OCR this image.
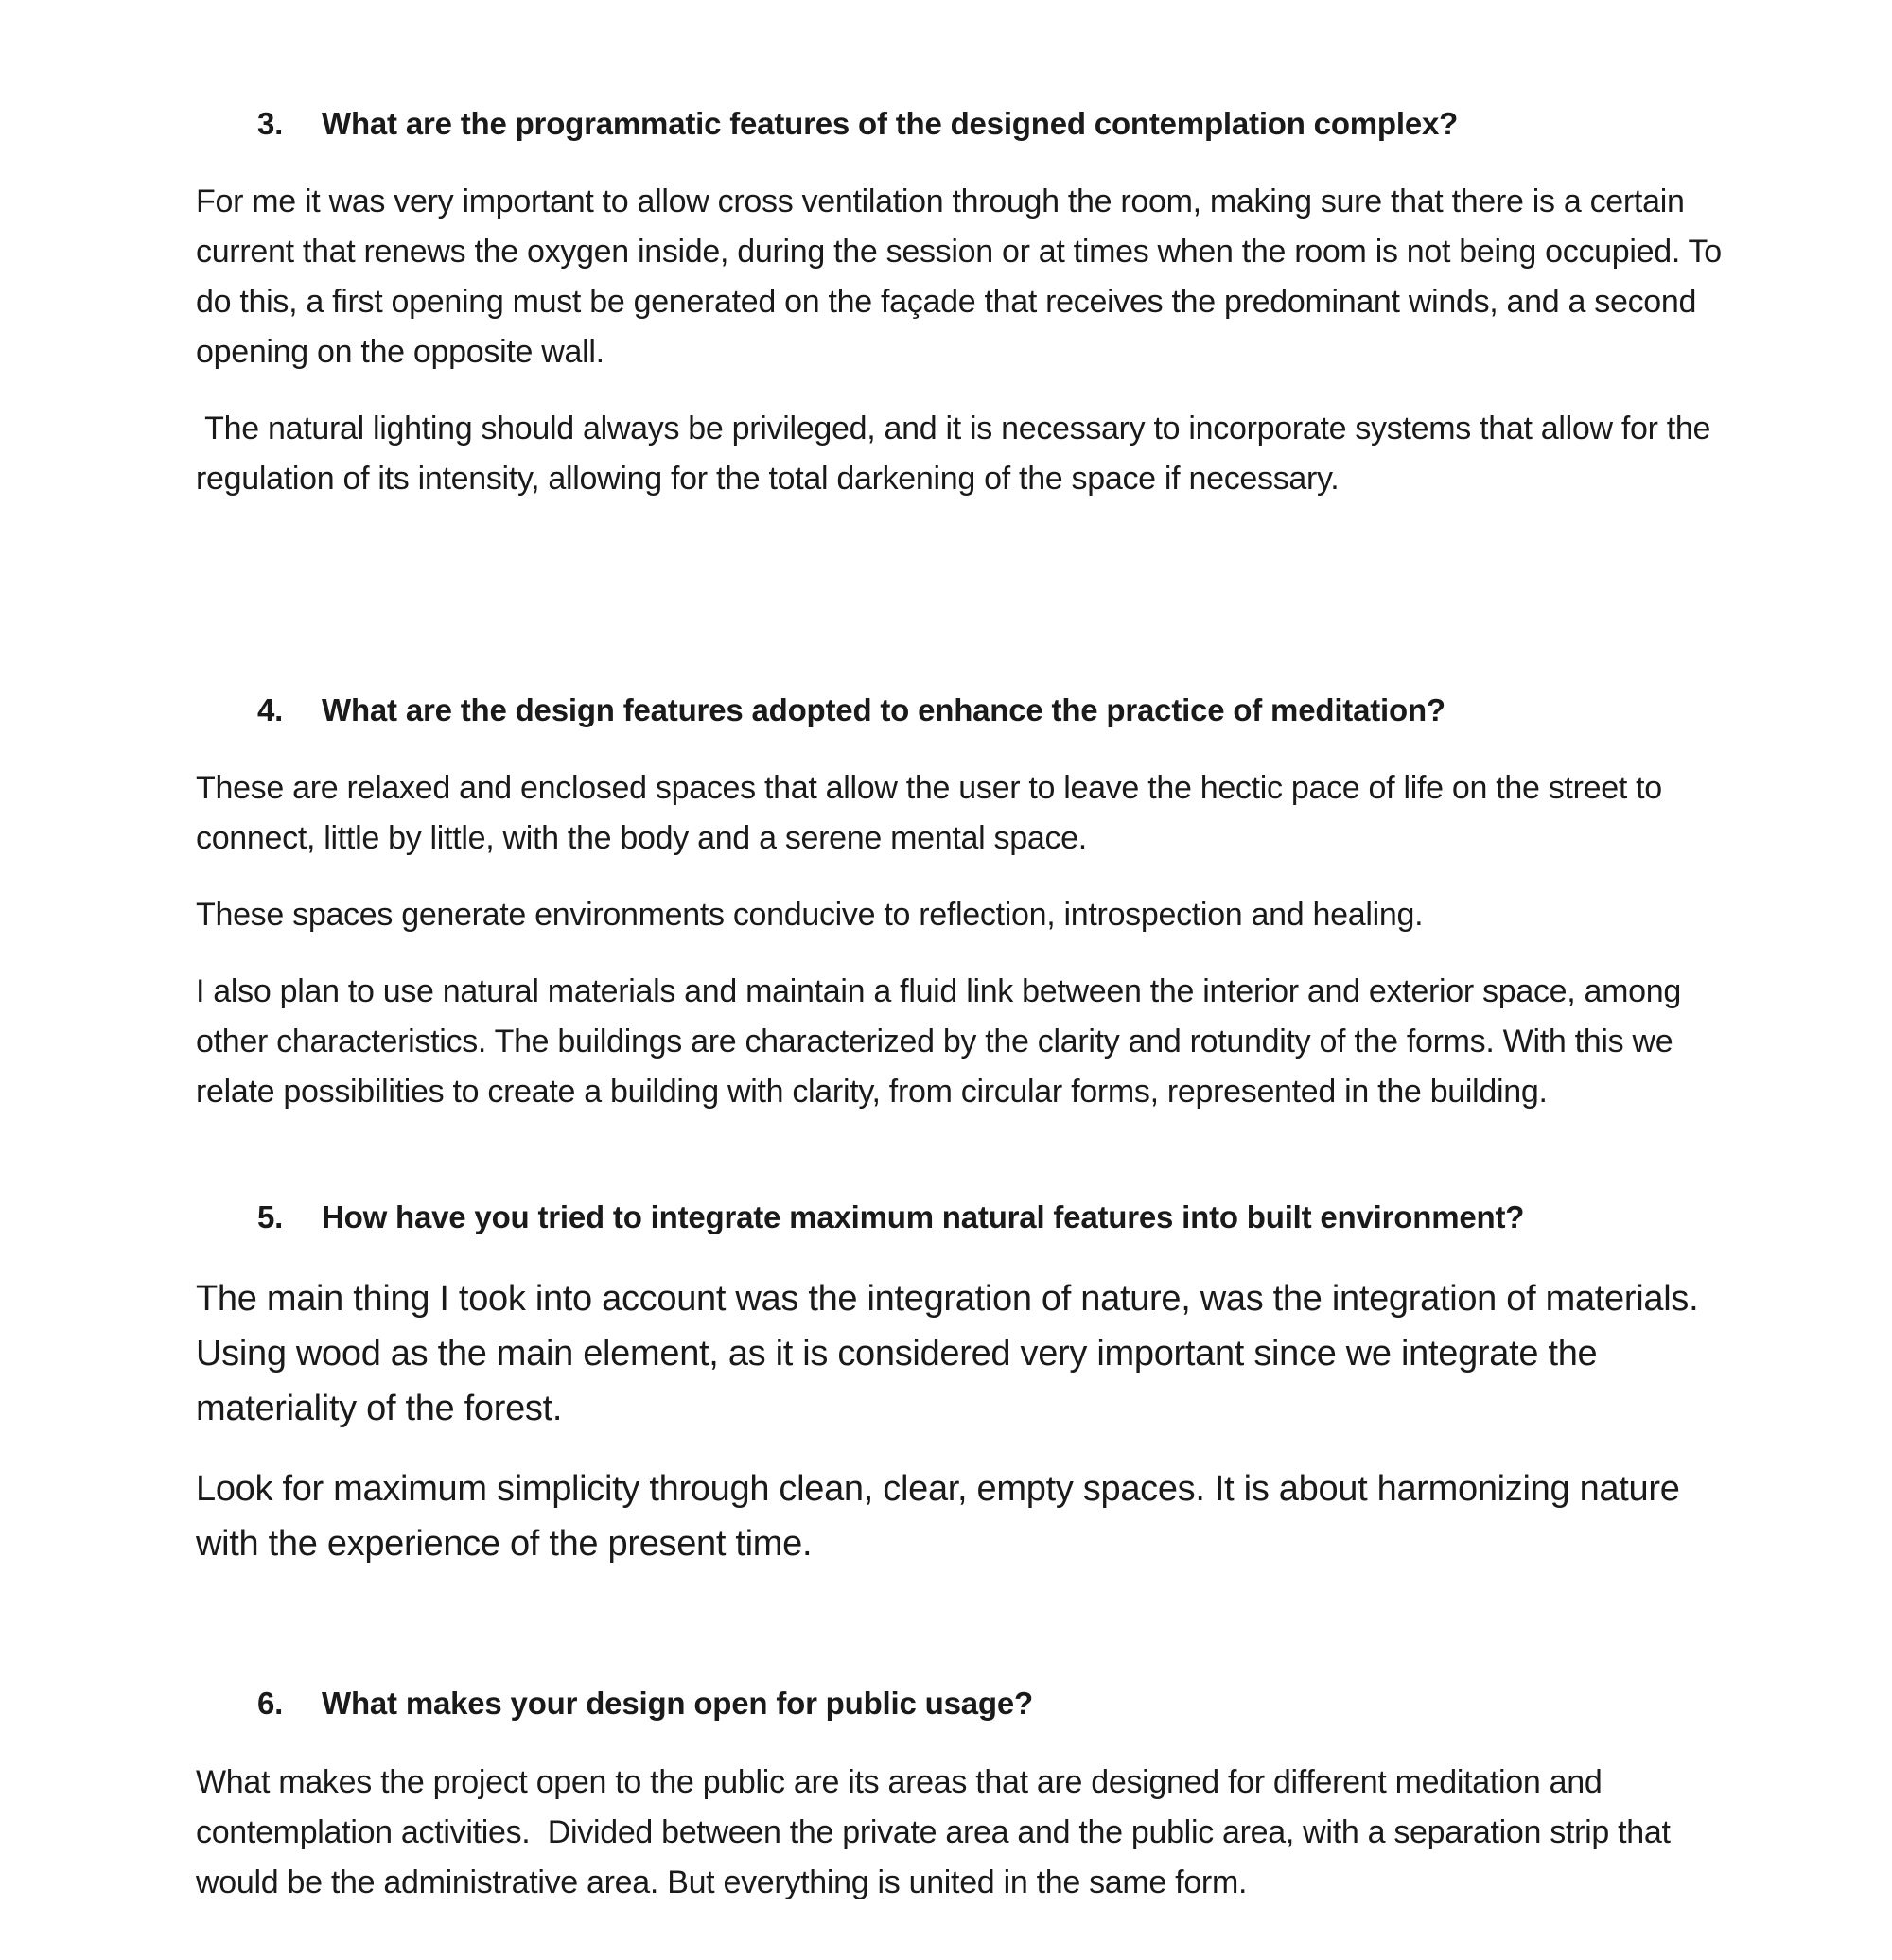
3. What are the programmatic features of the designed contemplation complex?
For me it was very important to allow cross ventilation through the room, making sure that there is a certain current that renews the oxygen inside, during the session or at times when the room is not being occupied. To do this, a first opening must be generated on the façade that receives the predominant winds, and a second opening on the opposite wall.
The natural lighting should always be privileged, and it is necessary to incorporate systems that allow for the regulation of its intensity, allowing for the total darkening of the space if necessary.
4. What are the design features adopted to enhance the practice of meditation?
These are relaxed and enclosed spaces that allow the user to leave the hectic pace of life on the street to connect, little by little, with the body and a serene mental space.
These spaces generate environments conducive to reflection, introspection and healing.
I also plan to use natural materials and maintain a fluid link between the interior and exterior space, among other characteristics. The buildings are characterized by the clarity and rotundity of the forms. With this we relate possibilities to create a building with clarity, from circular forms, represented in the building.
5. How have you tried to integrate maximum natural features into built environment?
The main thing I took into account was the integration of nature, was the integration of materials. Using wood as the main element, as it is considered very important since we integrate the materiality of the forest.
Look for maximum simplicity through clean, clear, empty spaces. It is about harmonizing nature with the experience of the present time.
6. What makes your design open for public usage?
What makes the project open to the public are its areas that are designed for different meditation and contemplation activities.  Divided between the private area and the public area, with a separation strip that would be the administrative area. But everything is united in the same form.
